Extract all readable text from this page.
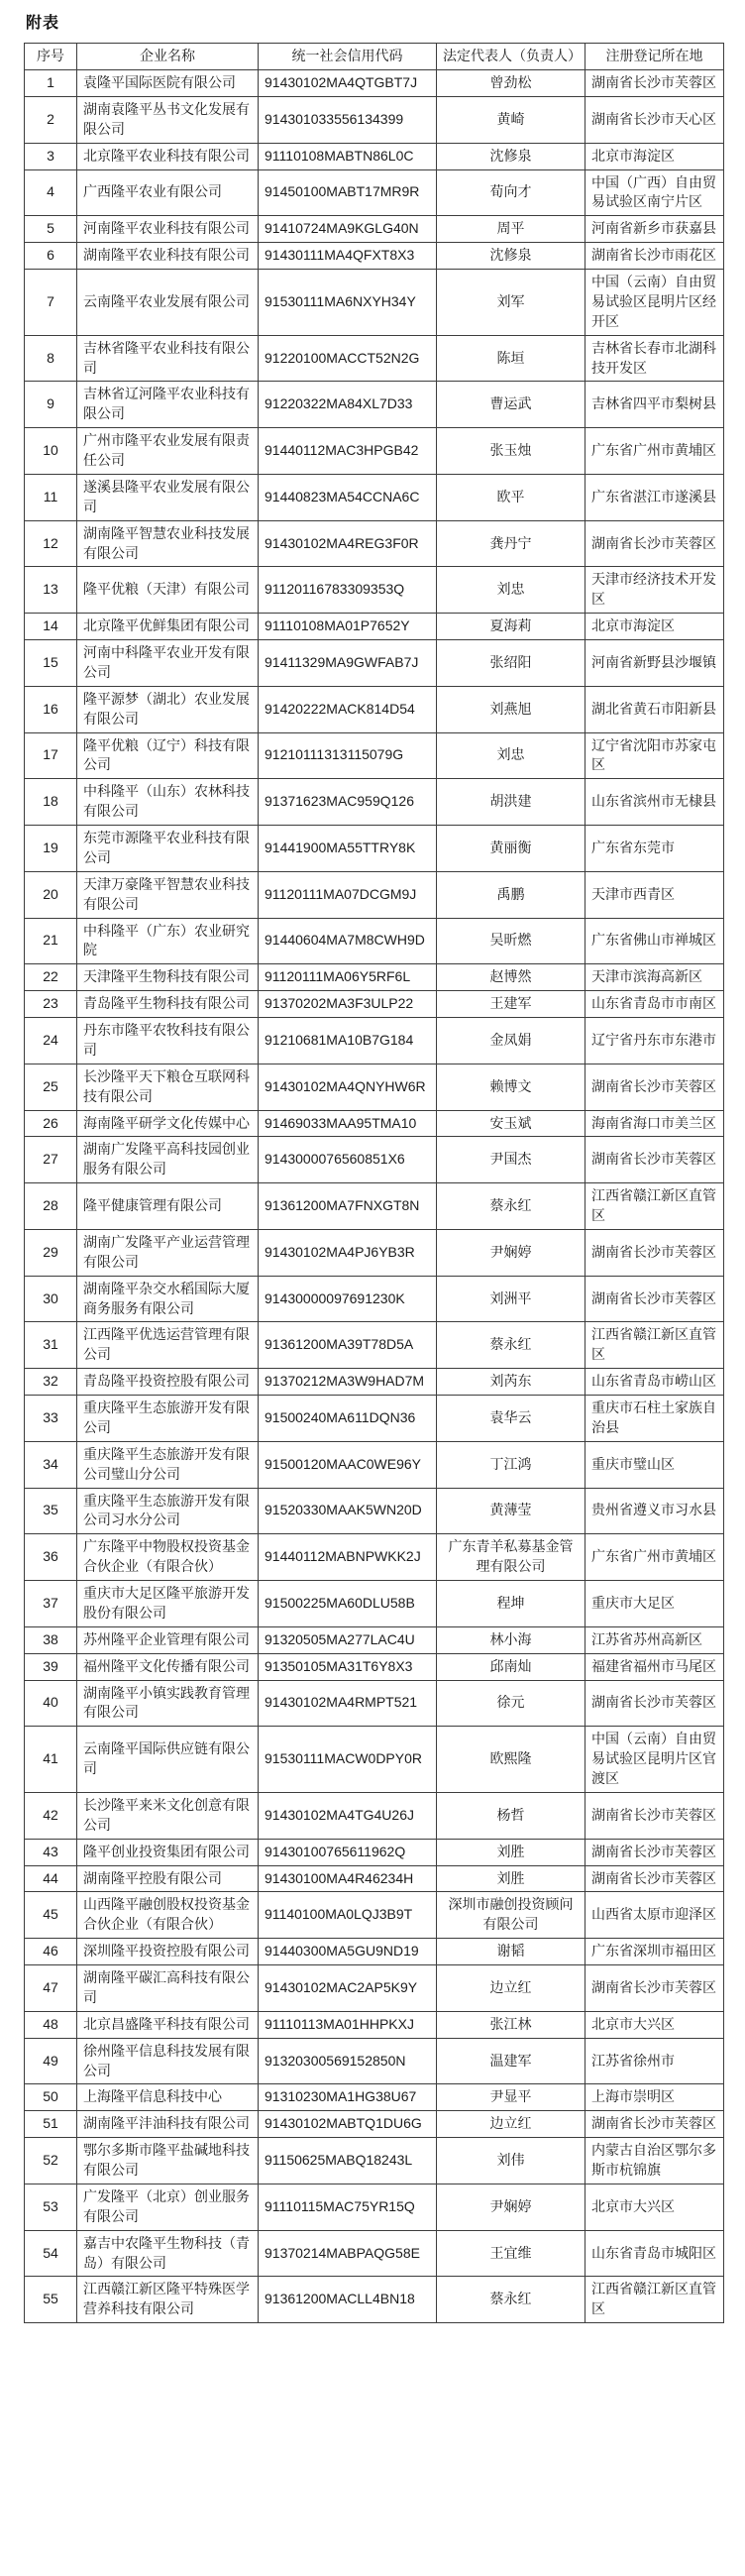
附表
序号	企业名称	统一社会信用代码	法定代表人（负责人）	注册登记所在地
1	袁隆平国际医院有限公司	91430102MA4QTGBT7J	曾劲松	湖南省长沙市芙蓉区
2	湖南袁隆平丛书文化发展有限公司	914301033556134399	黄崎	湖南省长沙市天心区
3	北京隆平农业科技有限公司	91110108MABTN86L0C	沈修泉	北京市海淀区
4	广西隆平农业有限公司	91450100MABT17MR9R	荀向才	中国（广西）自由贸易试验区南宁片区
5	河南隆平农业科技有限公司	91410724MA9KGLG40N	周平	河南省新乡市获嘉县
6	湖南隆平农业科技有限公司	91430111MA4QFXT8X3	沈修泉	湖南省长沙市雨花区
7	云南隆平农业发展有限公司	91530111MA6NXYH34Y	刘军	中国（云南）自由贸易试验区昆明片区经开区
8	吉林省隆平农业科技有限公司	91220100MACCT52N2G	陈垣	吉林省长春市北湖科技开发区
9	吉林省辽河隆平农业科技有限公司	91220322MA84XL7D33	曹运武	吉林省四平市梨树县
10	广州市隆平农业发展有限责任公司	91440112MAC3HPGB42	张玉烛	广东省广州市黄埔区
11	遂溪县隆平农业发展有限公司	91440823MA54CCNA6C	欧平	广东省湛江市遂溪县
12	湖南隆平智慧农业科技发展有限公司	91430102MA4REG3F0R	龚丹宁	湖南省长沙市芙蓉区
13	隆平优粮（天津）有限公司	91120116783309353Q	刘忠	天津市经济技术开发区
14	北京隆平优鲜集团有限公司	91110108MA01P7652Y	夏海莉	北京市海淀区
15	河南中科隆平农业开发有限公司	91411329MA9GWFAB7J	张绍阳	河南省新野县沙堰镇
16	隆平源梦（湖北）农业发展有限公司	91420222MACK814D54	刘燕旭	湖北省黄石市阳新县
17	隆平优粮（辽宁）科技有限公司	91210111313115079G	刘忠	辽宁省沈阳市苏家屯区
18	中科隆平（山东）农林科技有限公司	91371623MAC959Q126	胡洪建	山东省滨州市无棣县
19	东莞市源隆平农业科技有限公司	91441900MA55TTRY8K	黄丽衡	广东省东莞市
20	天津万豪隆平智慧农业科技有限公司	91120111MA07DCGM9J	禹鹏	天津市西青区
21	中科隆平（广东）农业研究院	91440604MA7M8CWH9D	吴昕燃	广东省佛山市禅城区
22	天津隆平生物科技有限公司	91120111MA06Y5RF6L	赵博然	天津市滨海高新区
23	青岛隆平生物科技有限公司	91370202MA3F3ULP22	王建军	山东省青岛市市南区
24	丹东市隆平农牧科技有限公司	91210681MA10B7G184	金凤娟	辽宁省丹东市东港市
25	长沙隆平天下粮仓互联网科技有限公司	91430102MA4QNYHW6R	赖博文	湖南省长沙市芙蓉区
26	海南隆平研学文化传媒中心	91469033MAA95TMA10	安玉斌	海南省海口市美兰区
27	湖南广发隆平高科技园创业服务有限公司	9143000076560851X6	尹国杰	湖南省长沙市芙蓉区
28	隆平健康管理有限公司	91361200MA7FNXGT8N	蔡永红	江西省赣江新区直管区
29	湖南广发隆平产业运营管理有限公司	91430102MA4PJ6YB3R	尹娴婷	湖南省长沙市芙蓉区
30	湖南隆平杂交水稻国际大厦商务服务有限公司	91430000097691230K	刘洲平	湖南省长沙市芙蓉区
31	江西隆平优选运营管理有限公司	91361200MA39T78D5A	蔡永红	江西省赣江新区直管区
32	青岛隆平投资控股有限公司	91370212MA3W9HAD7M	刘芮东	山东省青岛市崂山区
33	重庆隆平生态旅游开发有限公司	91500240MA611DQN36	袁华云	重庆市石柱土家族自治县
34	重庆隆平生态旅游开发有限公司璧山分公司	91500120MAAC0WE96Y	丁江鸿	重庆市璧山区
35	重庆隆平生态旅游开发有限公司习水分公司	91520330MAAK5WN20D	黄薄莹	贵州省遵义市习水县
36	广东隆平中物股权投资基金合伙企业（有限合伙）	91440112MABNPWKK2J	广东青羊私募基金管理有限公司	广东省广州市黄埔区
37	重庆市大足区隆平旅游开发股份有限公司	91500225MA60DLU58B	程坤	重庆市大足区
38	苏州隆平企业管理有限公司	91320505MA277LAC4U	林小海	江苏省苏州高新区
39	福州隆平文化传播有限公司	91350105MA31T6Y8X3	邱南灿	福建省福州市马尾区
40	湖南隆平小镇实践教育管理有限公司	91430102MA4RMPT521	徐元	湖南省长沙市芙蓉区
41	云南隆平国际供应链有限公司	91530111MACW0DPY0R	欧熙隆	中国（云南）自由贸易试验区昆明片区官渡区
42	长沙隆平来米文化创意有限公司	91430102MA4TG4U26J	杨哲	湖南省长沙市芙蓉区
43	隆平创业投资集团有限公司	91430100765611962Q	刘胜	湖南省长沙市芙蓉区
44	湖南隆平控股有限公司	91430100MA4R46234H	刘胜	湖南省长沙市芙蓉区
45	山西隆平融创股权投资基金合伙企业（有限合伙）	91140100MA0LQJ3B9T	深圳市融创投资顾问有限公司	山西省太原市迎泽区
46	深圳隆平投资控股有限公司	91440300MA5GU9ND19	谢韬	广东省深圳市福田区
47	湖南隆平碳汇高科技有限公司	91430102MAC2AP5K9Y	边立红	湖南省长沙市芙蓉区
48	北京昌盛隆平科技有限公司	91110113MA01HHPKXJ	张江林	北京市大兴区
49	徐州隆平信息科技发展有限公司	91320300569152850N	温建军	江苏省徐州市
50	上海隆平信息科技中心	91310230MA1HG38U67	尹显平	上海市崇明区
51	湖南隆平沣油科技有限公司	91430102MABTQ1DU6G	边立红	湖南省长沙市芙蓉区
52	鄂尔多斯市隆平盐碱地科技有限公司	91150625MABQ18243L	刘伟	内蒙古自治区鄂尔多斯市杭锦旗
53	广发隆平（北京）创业服务有限公司	91110115MAC75YR15Q	尹娴婷	北京市大兴区
54	嘉吉中农隆平生物科技（青岛）有限公司	91370214MABPAQG58E	王宜维	山东省青岛市城阳区
55	江西赣江新区隆平特殊医学营养科技有限公司	91361200MACLL4BN18	蔡永红	江西省赣江新区直管区
